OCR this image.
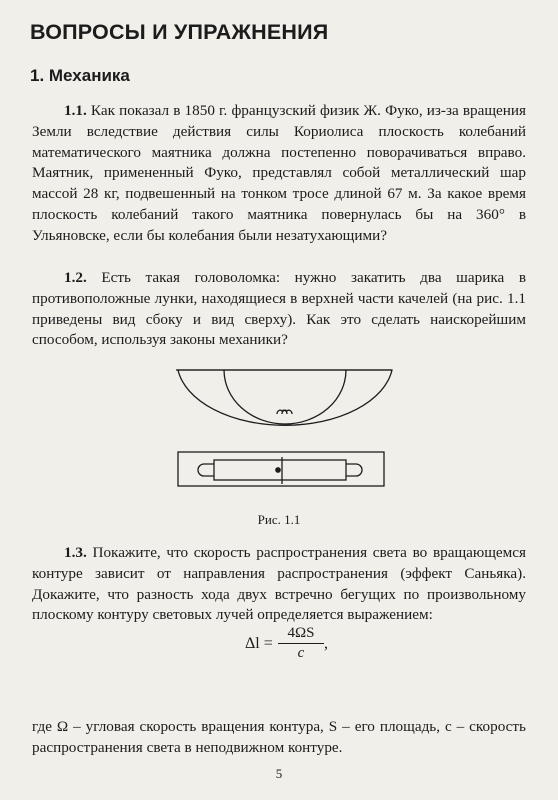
ВОПРОСЫ И УПРАЖНЕНИЯ
1. Механика

1.1. Как показал в 1850 г. французский физик Ж. Фуко, из-за вращения Земли вследствие действия силы Кориолиса плоскость колебаний математического маятника должна постепенно поворачиваться вправо. Маятник, примененный Фуко, представлял собой металлический шар массой 28 кг, подвешенный на тонком тросе длиной 67 м. За какое время плоскость колебаний такого маятника повернулась бы на 360° в Ульяновске, если бы колебания были незатухающими?

1.2. Есть такая головоломка: нужно закатить два шарика в противоположные лунки, находящиеся в верхней части качелей (на рис. 1.1 приведены вид сбоку и вид сверху). Как это сделать наискорейшим способом, используя законы механики?

Рис. 1.1

1.3. Покажите, что скорость распространения света во вращающемся контуре зависит от направления распространения (эффект Саньяка). Докажите, что разность хода двух встречно бегущих по произвольному плоскому контуру световых лучей определяется выражением:

$\Delta l = \frac{4\Omega S}{c}$ ,

где Ω – угловая скорость вращения контура, S – его площадь, c – скорость распространения света в неподвижном контуре.

5
